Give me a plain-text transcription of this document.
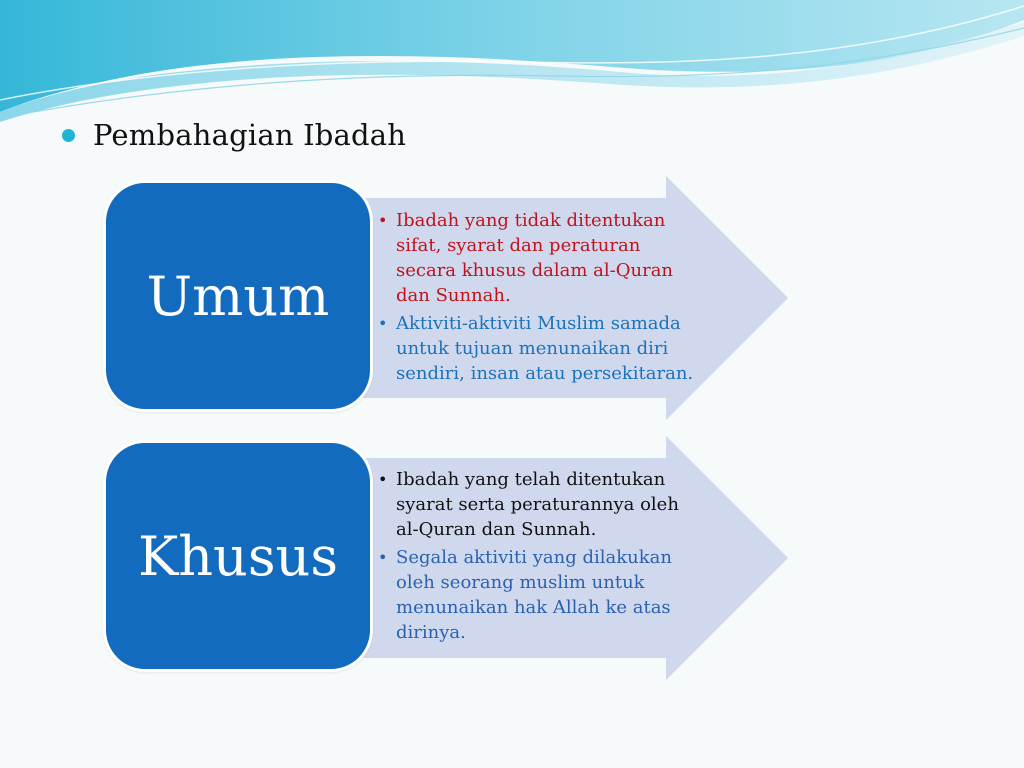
Pembahagian Ibadah
Umum
• Ibadah yang tidak ditentukan sifat, syarat dan peraturan secara khusus dalam al-Quran dan Sunnah.
• Aktiviti-aktiviti Muslim samada untuk tujuan menunaikan diri sendiri, insan atau persekitaran.
Khusus
• Ibadah yang telah ditentukan syarat serta peraturannya oleh al-Quran dan Sunnah.
• Segala aktiviti yang dilakukan oleh seorang muslim untuk menunaikan hak Allah ke atas dirinya.
